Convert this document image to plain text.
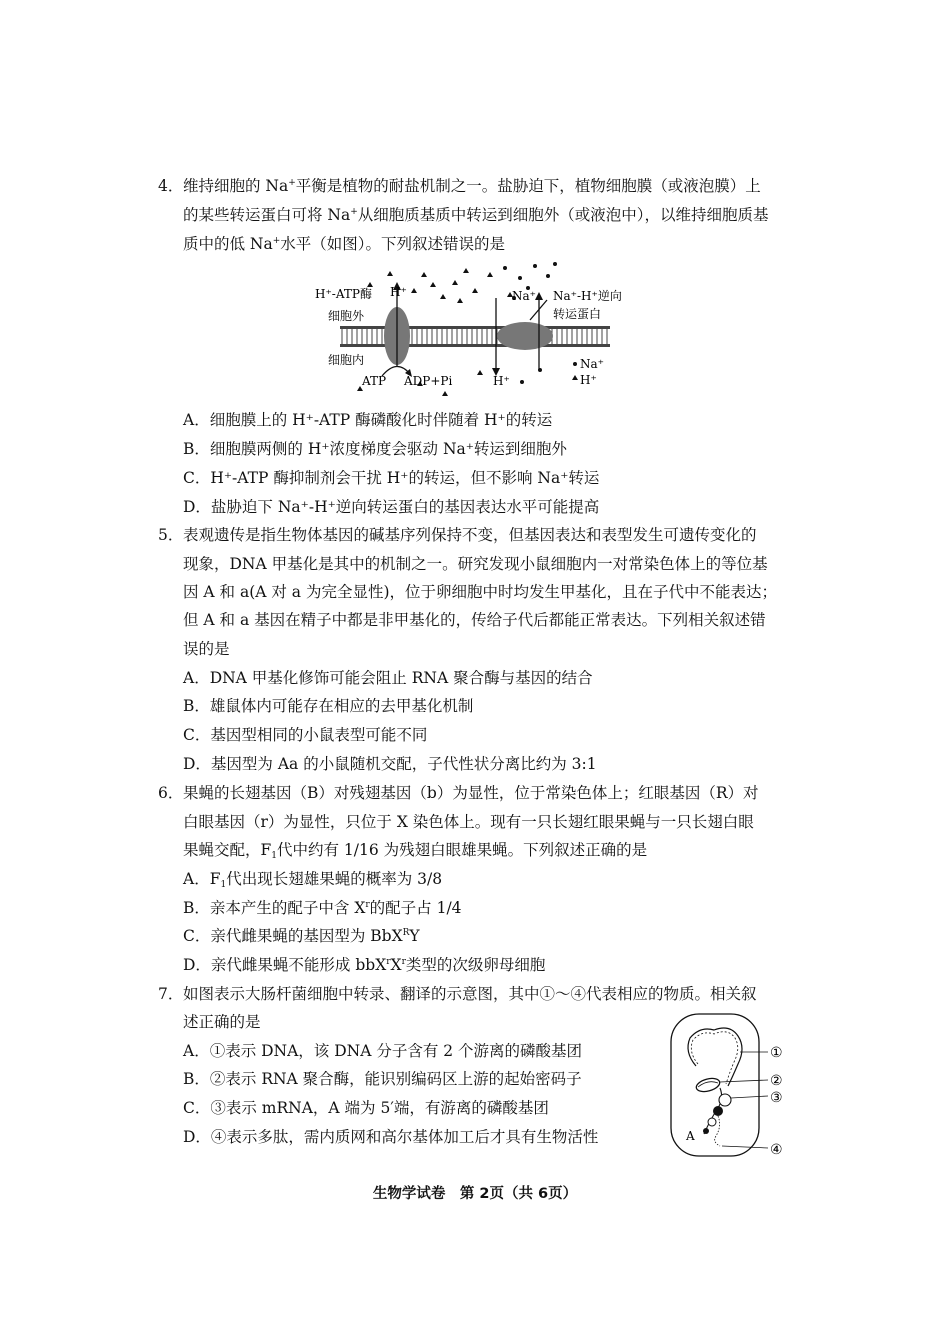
4． 维持细胞的 Na+平衡是植物的耐盐机制之一。盐胁迫下，植物细胞膜（或液泡膜）上
的某些转运蛋白可将 Na+从细胞质基质中转运到细胞外（或液泡中），以维持细胞质基
质中的低 Na+水平（如图）。下列叙述错误的是
H⁺-ATP酶 H⁺
细胞外
细胞内
Na⁺ Na⁺-H⁺逆向
转运蛋白
ATP ADP+Pi	H⁺
Na⁺
H⁺
A．细胞膜上的 H⁺-ATP 酶磷酸化时伴随着 H⁺的转运
B．细胞膜两侧的 H⁺浓度梯度会驱动 Na⁺转运到细胞外
C．H⁺-ATP 酶抑制剂会干扰 H⁺的转运，但不影响 Na⁺转运
D．盐胁迫下 Na⁺-H⁺逆向转运蛋白的基因表达水平可能提高
5． 表观遗传是指生物体基因的碱基序列保持不变，但基因表达和表型发生可遗传变化的
现象，DNA 甲基化是其中的机制之一。研究发现小鼠细胞内一对常染色体上的等位基
因 A 和 a(A 对 a 为完全显性)，位于卵细胞中时均发生甲基化，且在子代中不能表达；
但 A 和 a 基因在精子中都是非甲基化的，传给子代后都能正常表达。下列相关叙述错
误的是
A．DNA 甲基化修饰可能会阻止 RNA 聚合酶与基因的结合
B．雄鼠体内可能存在相应的去甲基化机制
C．基因型相同的小鼠表型可能不同
D．基因型为 Aa 的小鼠随机交配，子代性状分离比约为 3:1
6． 果蝇的长翅基因（B）对残翅基因（b）为显性，位于常染色体上；红眼基因（R）对
白眼基因（r）为显性，只位于 X 染色体上。现有一只长翅红眼果蝇与一只长翅白眼
果蝇交配，$F_1$代中约有 1/16 为残翅白眼雄果蝇。下列叙述正确的是
A．$F_1$代出现长翅雄果蝇的概率为 3/8
B．亲本产生的配子中含 $X^r$的配子占 1/4
C．亲代雌果蝇的基因型为 BbX$^R$Y
D．亲代雌果蝇不能形成 $bbX^rX^r$类型的次级卵母细胞
7． 如图表示大肠杆菌细胞中转录、翻译的示意图，其中①～④代表相应的物质。相关叙
述正确的是
A．①表示 DNA，该 DNA 分子含有 2 个游离的磷酸基团
B．②表示 RNA 聚合酶，能识别编码区上游的起始密码子
C．③表示 mRNA，A 端为 5′端，有游离的磷酸基团
D．④表示多肽，需内质网和高尔基体加工后才具有生物活性
①
②
③
④
A
生物学试卷　第 2页（共 6页）
